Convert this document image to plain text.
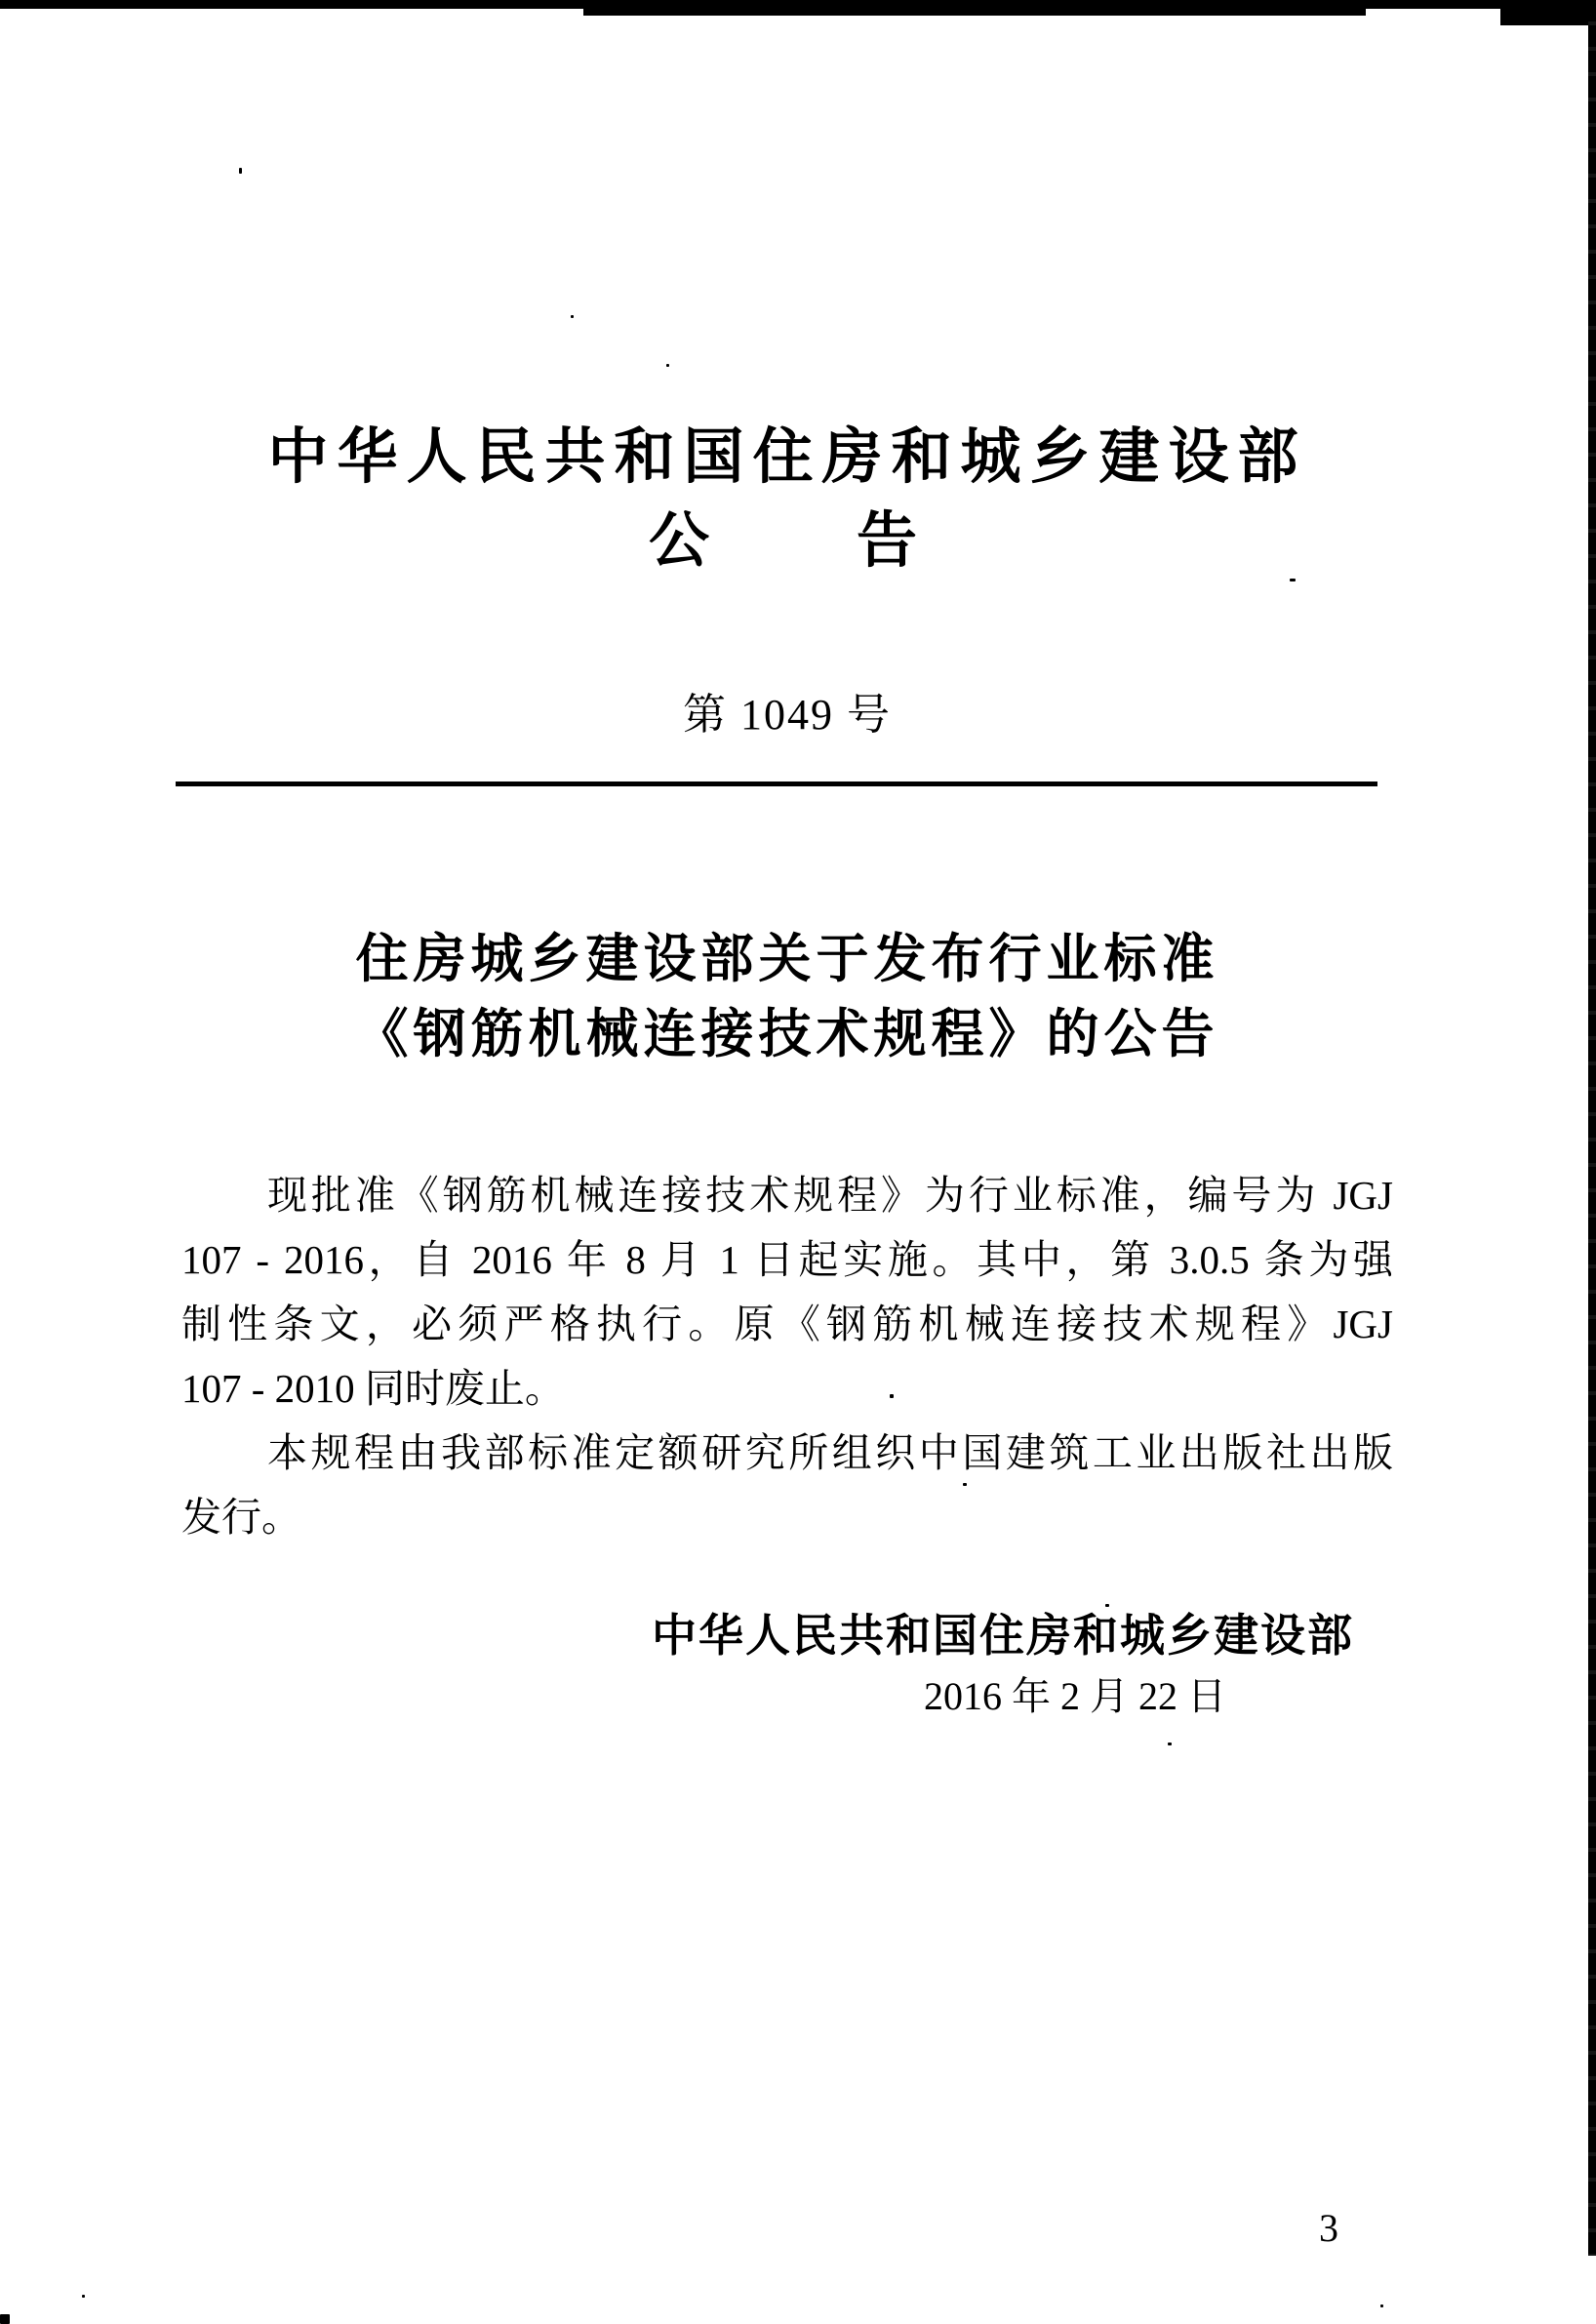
中华人民共和国住房和城乡建设部
公　　告
第 1049 号
住房城乡建设部关于发布行业标准
《钢筋机械连接技术规程》的公告
现批准《钢筋机械连接技术规程》为行业标准，编号为 JGJ
107 - 2016，自 2016 年 8 月 1 日起实施。其中，第 3.0.5 条为强
制性条文，必须严格执行。原《钢筋机械连接技术规程》JGJ
107 - 2010 同时废止。
本规程由我部标准定额研究所组织中国建筑工业出版社出版
发行。
中华人民共和国住房和城乡建设部
2016 年 2 月 22 日
3
